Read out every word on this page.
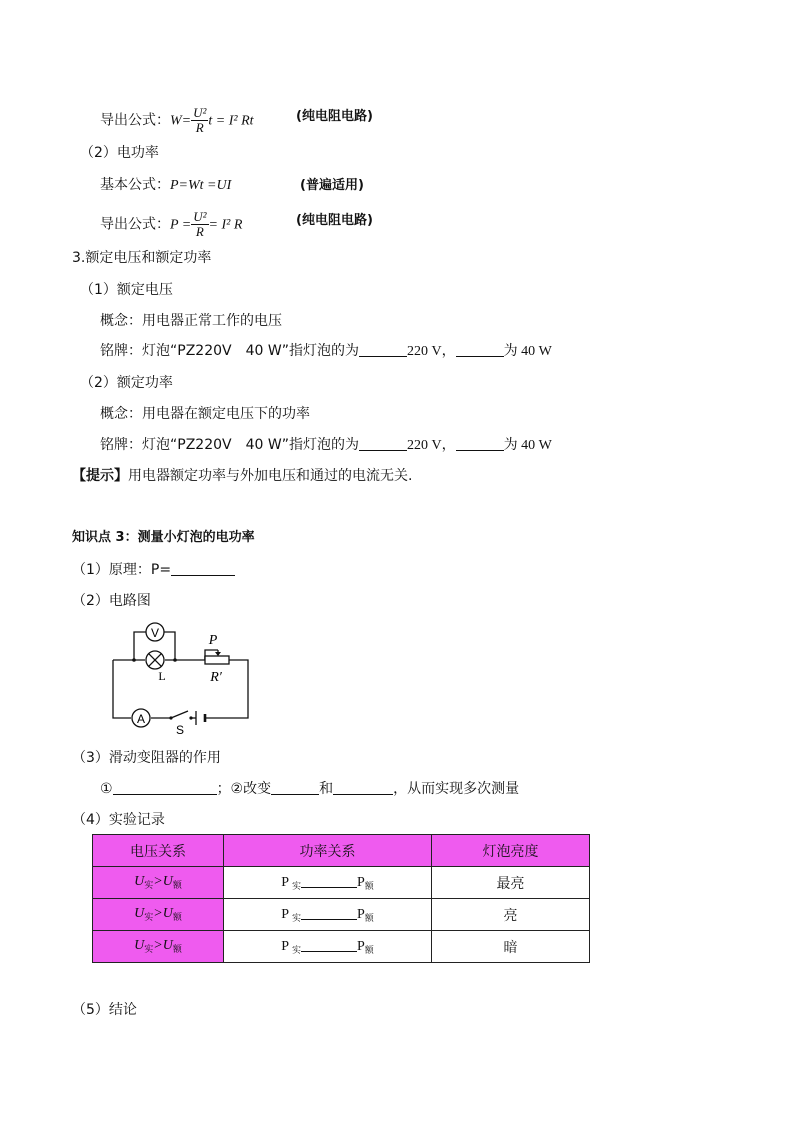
导出公式：$W= \frac{\text{U²}}{R}$ t = I² Rt	(纯电阻电路)
（2）电功率
基本公式：P=Wt =UI	(普遍适用)
导出公式：$P = \frac{\text{U²}}{R} = I^2$ R	(纯电阻电路)
3.额定电压和额定功率
（1）额定电压
概念：用电器正常工作的电压
铭牌：灯泡“PZ220V　40 W”指灯泡的为	220 V，	为 40 W
（2）额定功率
概念：用电器在额定电压下的功率
铭牌：灯泡“PZ220V　40 W”指灯泡的为	220 V，	为 40 W
【提示】用电器额定功率与外加电压和通过的电流无关.
知识点 3：测量小灯泡的电功率
（1）原理：P=
（2）电路图
V
L
P
R′
A
S
（3）滑动变阻器的作用
①	；②改变	和	，从而实现多次测量
（4）实验记录
电压关系	功率关系	灯泡亮度
$U_实>U_额$	P $_实$ $P_额$	最亮
$U_实>U_额$	P $_实$ $P_额$	亮
$U_实>U_额$	P $_实$ $P_额$	暗
（5）结论
